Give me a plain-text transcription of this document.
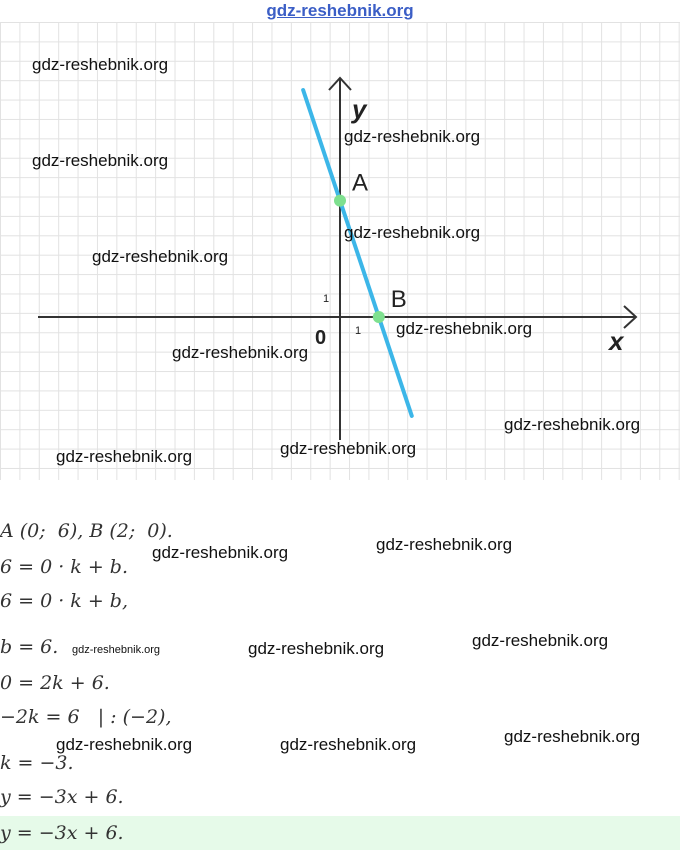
gdz-reshebnik.org
y
x
0	1
1
A
B
A (0;  6), B (2;  0).
6 = 0 · k + b.
6 = 0 · k + b,
b = 6.
0 = 2k + 6.
−2k = 6   | : (−2),
k = −3.
y = −3x + 6.
y = −3x + 6.
gdz-reshebnik.org
gdz-reshebnik.org
gdz-reshebnik.org
gdz-reshebnik.org
gdz-reshebnik.org
gdz-reshebnik.org
gdz-reshebnik.org
gdz-reshebnik.org
gdz-reshebnik.org
gdz-reshebnik.org
gdz-reshebnik.org
gdz-reshebnik.org
gdz-reshebnik.org
gdz-reshebnik.org
gdz-reshebnik.org
gdz-reshebnik.org
gdz-reshebnik.org	gdz-reshebnik.org
